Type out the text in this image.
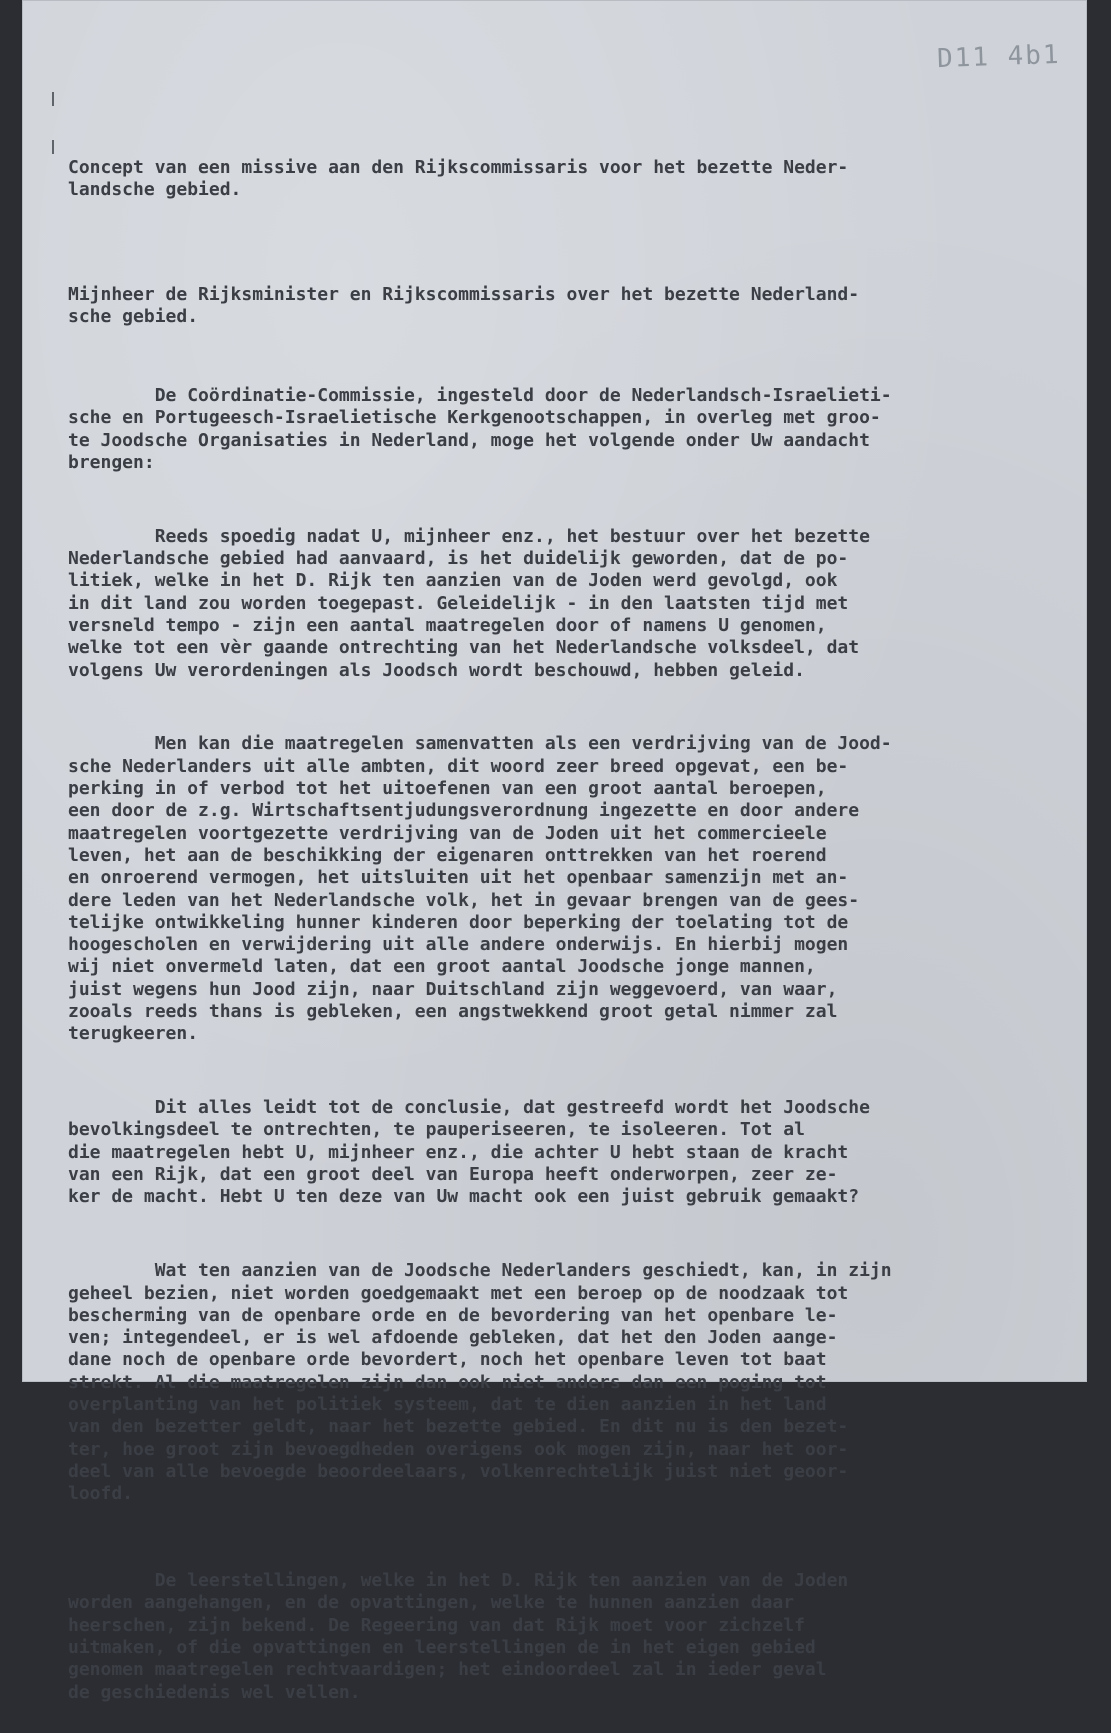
D11 4b1

Concept van een missive aan den Rijkscommissaris voor het bezette Neder-
landsche gebied.

Mijnheer de Rijksminister en Rijkscommissaris over het bezette Nederland-
sche gebied.

De Coördinatie-Commissie, ingesteld door de Nederlandsch-Israelieti-
sche en Portugeesch-Israelietische Kerkgenootschappen, in overleg met groo-
te Joodsche Organisaties in Nederland, moge het volgende onder Uw aandacht
brengen:

Reeds spoedig nadat U, mijnheer enz., het bestuur over het bezette
Nederlandsche gebied had aanvaard, is het duidelijk geworden, dat de po-
litiek, welke in het D. Rijk ten aanzien van de Joden werd gevolgd, ook
in dit land zou worden toegepast. Geleidelijk - in den laatsten tijd met
versneld tempo - zijn een aantal maatregelen door of namens U genomen,
welke tot een vèr gaande ontrechting van het Nederlandsche volksdeel, dat
volgens Uw verordeningen als Joodsch wordt beschouwd, hebben geleid.

Men kan die maatregelen samenvatten als een verdrijving van de Jood-
sche Nederlanders uit alle ambten, dit woord zeer breed opgevat, een be-
perking in of verbod tot het uitoefenen van een groot aantal beroepen,
een door de z.g. Wirtschaftsentjudungsverordnung ingezette en door andere
maatregelen voortgezette verdrijving van de Joden uit het commercieele
leven, het aan de beschikking der eigenaren onttrekken van het roerend
en onroerend vermogen, het uitsluiten uit het openbaar samenzijn met an-
dere leden van het Nederlandsche volk, het in gevaar brengen van de gees-
telijke ontwikkeling hunner kinderen door beperking der toelating tot de
hoogescholen en verwijdering uit alle andere onderwijs. En hierbij mogen
wij niet onvermeld laten, dat een groot aantal Joodsche jonge mannen,
juist wegens hun Jood zijn, naar Duitschland zijn weggevoerd, van waar,
zooals reeds thans is gebleken, een angstwekkend groot getal nimmer zal
terugkeeren.

Dit alles leidt tot de conclusie, dat gestreefd wordt het Joodsche
bevolkingsdeel te ontrechten, te pauperiseeren, te isoleeren. Tot al
die maatregelen hebt U, mijnheer enz., die achter U hebt staan de kracht
van een Rijk, dat een groot deel van Europa heeft onderworpen, zeer ze-
ker de macht. Hebt U ten deze van Uw macht ook een juist gebruik gemaakt?

Wat ten aanzien van de Joodsche Nederlanders geschiedt, kan, in zijn
geheel bezien, niet worden goedgemaakt met een beroep op de noodzaak tot
bescherming van de openbare orde en de bevordering van het openbare le-
ven; integendeel, er is wel afdoende gebleken, dat het den Joden aange-
dane noch de openbare orde bevordert, noch het openbare leven tot baat
strekt. Al die maatregelen zijn dan ook niet anders dan een poging tot
overplanting van het politiek systeem, dat te dien aanzien in het land
van den bezetter geldt, naar het bezette gebied. En dit nu is den bezet-
ter, hoe groot zijn bevoegdheden overigens ook mogen zijn, naar het oor-
deel van alle bevoegde beoordeelaars, volkenrechtelijk juist niet geoor-
loofd.

De leerstellingen, welke in het D. Rijk ten aanzien van de Joden
worden aangehangen, en de opvattingen, welke te hunnen aanzien daar
heerschen, zijn bekend. De Regeering van dat Rijk moet voor zichzelf
uitmaken, of die opvattingen en leerstellingen de in het eigen gebied
genomen maatregelen rechtvaardigen; het eindoordeel zal in ieder geval
de geschiedenis wel vellen.
